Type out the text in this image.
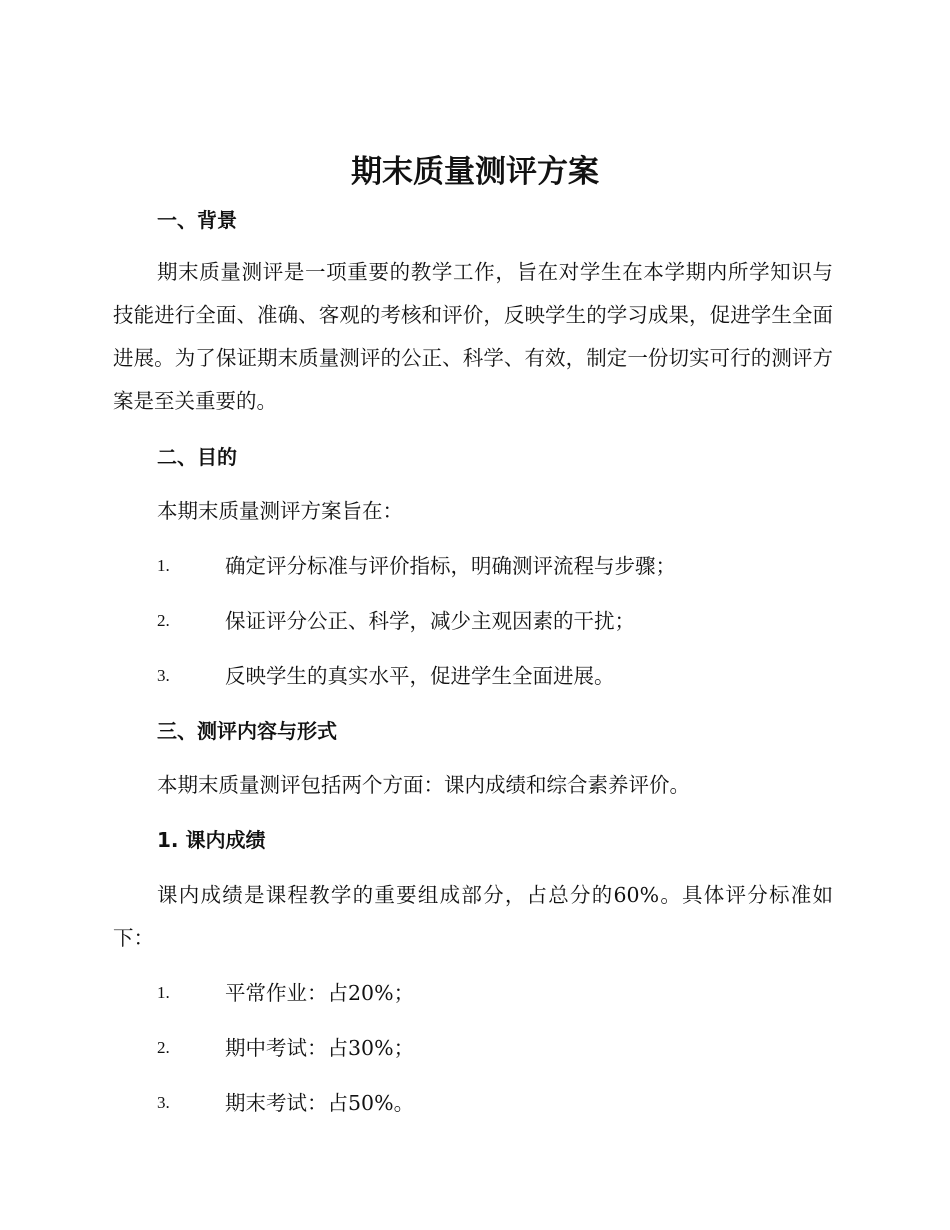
期末质量测评方案
一、背景
期末质量测评是一项重要的教学工作，旨在对学生在本学期内所学知识与技能进行全面、准确、客观的考核和评价，反映学生的学习成果，促进学生全面进展。为了保证期末质量测评的公正、科学、有效，制定一份切实可行的测评方案是至关重要的。
二、目的
本期末质量测评方案旨在：
1.	确定评分标准与评价指标，明确测评流程与步骤；
2.	保证评分公正、科学，减少主观因素的干扰；
3.	反映学生的真实水平，促进学生全面进展。
三、测评内容与形式
本期末质量测评包括两个方面：课内成绩和综合素养评价。
1. 课内成绩
课内成绩是课程教学的重要组成部分，占总分的60%。具体评分标准如下：
1.	平常作业：占20%；
2.	期中考试：占30%；
3.	期末考试：占50%。
